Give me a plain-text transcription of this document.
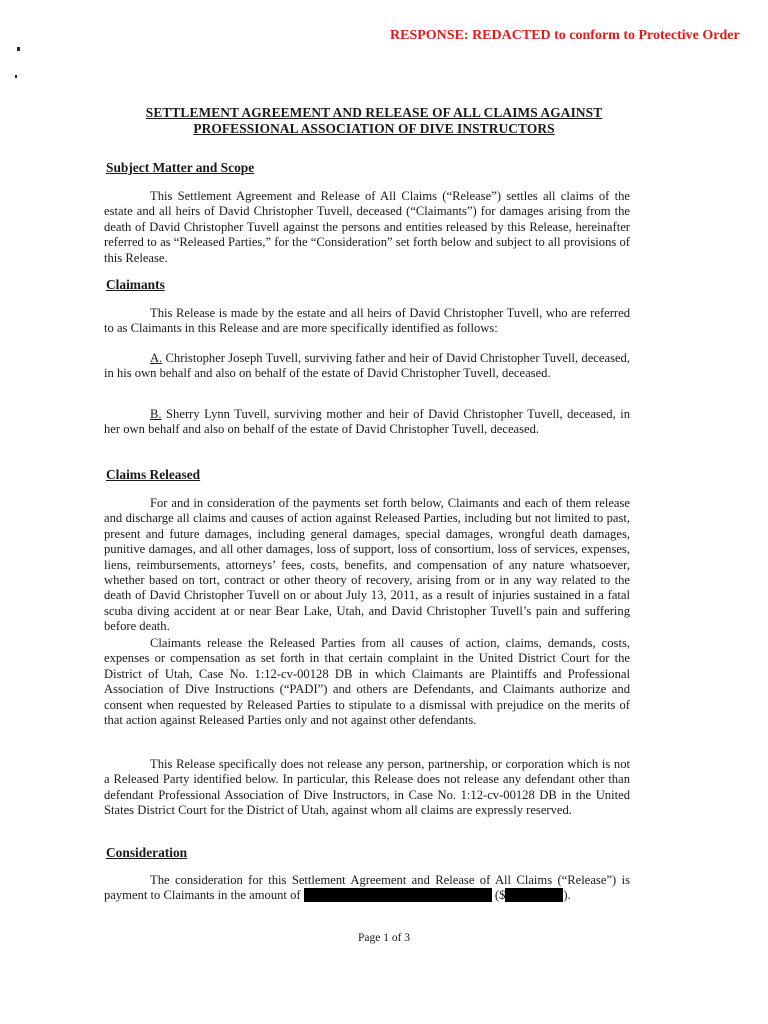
RESPONSE: REDACTED to conform to Protective Order
SETTLEMENT AGREEMENT AND RELEASE OF ALL CLAIMS AGAINST
PROFESSIONAL ASSOCIATION OF DIVE INSTRUCTORS
Subject Matter and Scope

This Settlement Agreement and Release of All Claims (“Release”) settles all claims of the estate and all heirs of David Christopher Tuvell, deceased (“Claimants”) for damages arising from the death of David Christopher Tuvell against the persons and entities released by this Release, hereinafter referred to as “Released Parties,” for the “Consideration” set forth below and subject to all provisions of this Release.

Claimants

This Release is made by the estate and all heirs of David Christopher Tuvell, who are referred to as Claimants in this Release and are more specifically identified as follows:

A. Christopher Joseph Tuvell, surviving father and heir of David Christopher Tuvell, deceased, in his own behalf and also on behalf of the estate of David Christopher Tuvell, deceased.

B. Sherry Lynn Tuvell, surviving mother and heir of David Christopher Tuvell, deceased, in her own behalf and also on behalf of the estate of David Christopher Tuvell, deceased.

Claims Released

For and in consideration of the payments set forth below, Claimants and each of them release and discharge all claims and causes of action against Released Parties, including but not limited to past, present and future damages, including general damages, special damages, wrongful death damages, punitive damages, and all other damages, loss of support, loss of consortium, loss of services, expenses, liens, reimbursements, attorneys’ fees, costs, benefits, and compensation of any nature whatsoever, whether based on tort, contract or other theory of recovery, arising from or in any way related to the death of David Christopher Tuvell on or about July 13, 2011, as a result of injuries sustained in a fatal scuba diving accident at or near Bear Lake, Utah, and David Christopher Tuvell’s pain and suffering before death.

Claimants release the Released Parties from all causes of action, claims, demands, costs, expenses or compensation as set forth in that certain complaint in the United District Court for the District of Utah, Case No. 1:12-cv-00128 DB in which Claimants are Plaintiffs and Professional Association of Dive Instructions (“PADI”) and others are Defendants, and Claimants authorize and consent when requested by Released Parties to stipulate to a dismissal with prejudice on the merits of that action against Released Parties only and not against other defendants.

This Release specifically does not release any person, partnership, or corporation which is not a Released Party identified below. In particular, this Release does not release any defendant other than defendant Professional Association of Dive Instructors, in Case No. 1:12-cv-00128 DB in the United States District Court for the District of Utah, against whom all claims are expressly reserved.

Consideration

The consideration for this Settlement Agreement and Release of All Claims (“Release”) is payment to Claimants in the amount of	($	).

Page 1 of 3
